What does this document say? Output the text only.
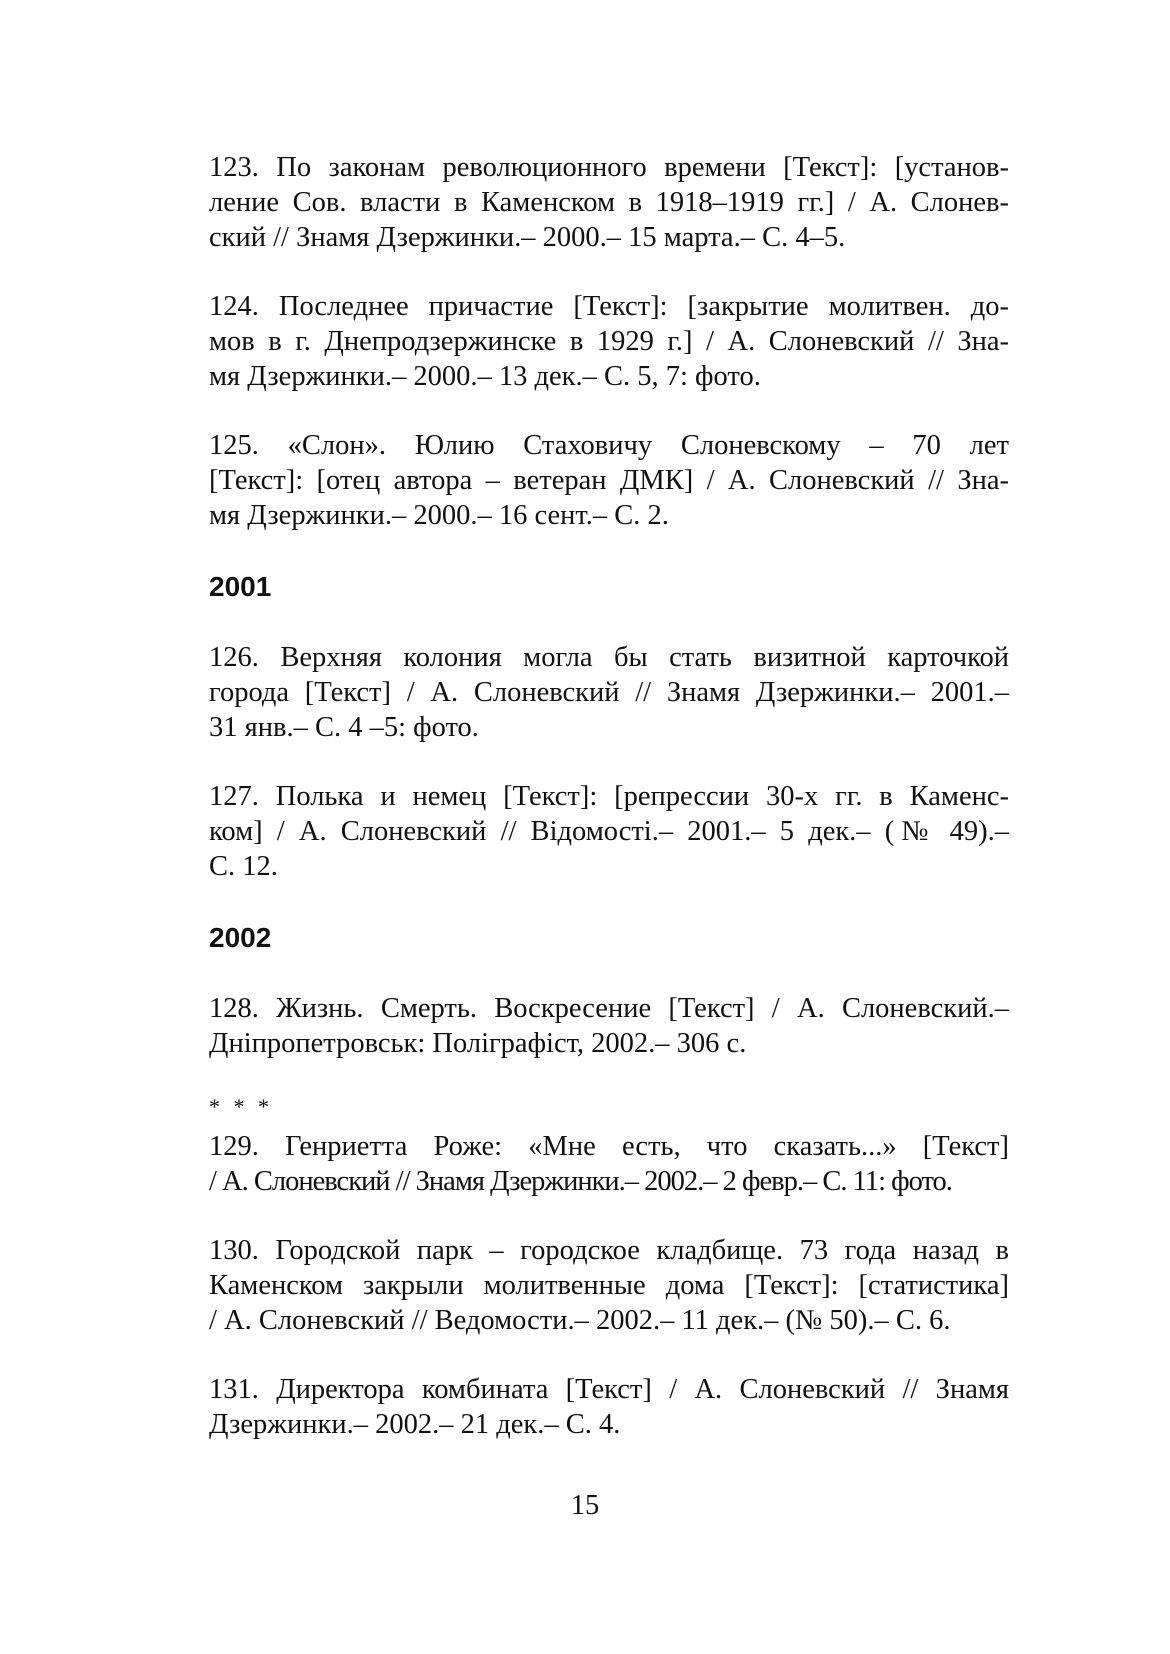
123. По законам революционного времени [Текст]: [установ-
ление Сов. власти в Каменском в 1918–1919 гг.] / А. Слонев-
ский // Знамя Дзержинки.– 2000.– 15 марта.– С. 4–5.

124. Последнее причастие [Текст]: [закрытие молитвен. до-
мов в г. Днепродзержинске в 1929 г.] / А. Слоневский // Зна-
мя Дзержинки.– 2000.– 13 дек.– С. 5, 7: фото.

125. «Слон». Юлию Стаховичу Слоневскому – 70 лет
[Текст]: [отец автора – ветеран ДМК] / А. Слоневский // Зна-
мя Дзержинки.– 2000.– 16 сент.– С. 2.

2001

126. Верхняя колония могла бы стать визитной карточкой
города [Текст] / А. Слоневский // Знамя Дзержинки.– 2001.–
31 янв.– С. 4 –5: фото.

127. Полька и немец [Текст]: [репрессии 30-х гг. в Каменс-
ком] / А. Слоневский // Відомості.– 2001.– 5 дек.– (№ 49).–
С. 12.

2002

128. Жизнь. Смерть. Воскресение [Текст] / А. Слоневский.–
Дніпропетровськ: Поліграфіст, 2002.– 306 с.

* * *

129. Генриетта Роже: «Мне есть, что сказать...» [Текст]
/ А. Слоневский // Знамя Дзержинки.– 2002.– 2 февр.– С. 11: фото.

130. Городской парк – городское кладбище. 73 года назад в
Каменском закрыли молитвенные дома [Текст]: [статистика]
/ А. Слоневский // Ведомости.– 2002.– 11 дек.– (№ 50).– С. 6.

131. Директора комбината [Текст] / А. Слоневский // Знамя
Дзержинки.– 2002.– 21 дек.– С. 4.

15
